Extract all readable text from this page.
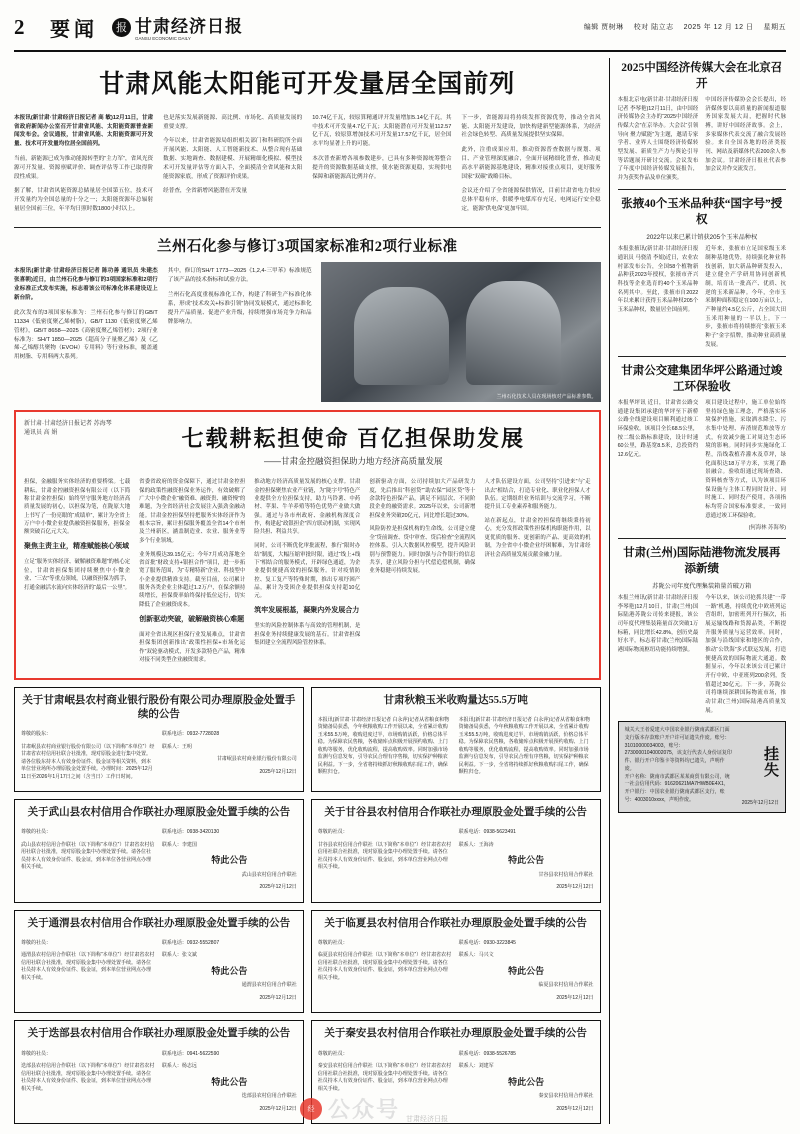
2	要闻	报 甘肃经济日报
GANSU ECONOMIC DAILY
编辑 贾树琳 校对 陆立志 2025 年 12 月 12 日 星期五
甘肃风能太阳能可开发量居全国前列

本报讯(新甘肃·甘肃经济日报记者 高 敏)12月11日，甘肃省政府新闻办公室召开甘肃省风能、太阳能资源普查新闻发布会。会议通报，甘肃省风能、太阳能资源可开发量、技术可开发量均位居全国前列。

当前，新能源已成为推动能源转型的“主力军”，省风光资源可开发量、资源禀赋评价、调查评估等工作已取得阶段性成果。

据了解，甘肃省风能资源总储量居全国第五位，技术可开发量约为全国总量的十分之一；太阳能资源年总辐射量居全国前三位，年平均日照时数1800小时以上。

也是落实发展新能源、高比例、市场化、高质量发展的重要支撑。

今年以来，甘肃省能源局组织相关部门和科研院所全面开展风能、太阳能、人工智能新技术、从整合现有基础数据、实地调查、数据建模、开展精细化模拟、模型技术可开发量评估等方面入手，全面摸清全省风能和太阳能资源家底，形成了资源评价成果。

经普查，全省新增风能潜在开发量

10.74亿千瓦，较原算精通评开发量增加5.14亿千瓦，其中技术可开发量4.7亿千瓦；太阳能潜在可开发量112.57亿千瓦，较原算增加技术可开发量17.57亿千瓦，居全国水平均显著上升的可能。

本次普查新增各项参数建步，已具有多种资源统筹整合提升的资源数据基础支撑，使水能资源更稳，实现供电保障和新能源高比例并存。

下一步，省能源局将持续发挥资源优势，推动全省风能、太阳能开发建设，加快构建新型能源体系，为经济社会绿色转型、高质量发展提供坚实保障。

此外，注重成果应用，推动资源普查数据与规划、项目、产业管理深度融合，全面开展精细化普查，推动更高水平新能源基地建设，精准对接重点项目，更好服务国家“双碳”战略目标。

会议还介绍了全省能源保供情况，目前甘肃省电力供应总体平稳有序，供暖季电煤库存充足，电网运行安全稳定，能源“供电保”更加牢固。

兰州石化参与修订3项国家标准和2项行业标准

本报讯(新甘肃·甘肃经济日报记者 陈功善 通讯员 朱建杰 张喜朝)近日，由兰州石化参与修订的3项国家标准和2项行业标准正式发布实施，标志着该公司标准化体系建设迈上新台阶。

此次发布的3项国家标准为：兰州石化参与修订的GB/T 11334《低密度聚乙烯树脂》，GB/T 1130《低密度聚乙烯管材》，GB/T 8658—2025《高密度聚乙烯管材》；2项行业标准为：SH/T 1850—2025《超高分子量聚乙烯》及《乙烯-乙烯醇共聚物（EVOH）专用料》等行业标准，覆盖通用树脂、专用料两大系列。

其中，修订的SH/T 1773—2025《1,2,4-三甲苯》标准规范了该产品的技术指标和试验方法。

兰州石化高度重视标准化工作，构建了科研生产标准化体系，形成“技术攻关+标准引领”协同发展模式，通过标准化提升产品质量、促进产业升级，持续增强市场竞争力和品牌影响力。

兰州石化技术人员在现场核对产品标准参数。
新甘肃·甘肃经济日报记者 苏海琴
通讯员 高 娟	七载耕耘担使命 百亿担保助发展
——甘肃金控融资担保助力地方经济高质量发展

担保，金融服务实体经济的重要桥梁。七载耕耘，甘肃金控融资担保有限公司（以下简称甘肃金控担保）始终坚守服务地方经济高质量发展的初心，以担保为笔，在陇原大地上书写了一份亮眼的“成绩单”，累计为全省上万户中小微企业提供融资担保服务，担保金额突破百亿元大关。

聚焦主责主业，精准赋能核心领域

立足“服务实体经济、破解融资难题”的核心定位，甘肃省担保集团持续聚焦中小微企业、“三农”等重点领域，以融资担保为抓手，打通金融活水流向实体经济的“最后一公里”。

省委省政府的资金保障下，通过甘肃金控担保的政策性融资担保业务运作，有效破解了广大中小微企业“融资难、融资贵、融资慢”的难题，为全省经济社会发展注入强劲金融动能。甘肃金控担保坚持把服务实体经济作为根本宗旨，累计担保服务覆盖全省14个市州及兰州新区，涵盖制造业、农业、服务业等多个行业领域。

业务规模达39.15亿元；今年7月成功落地全省首批“财政支持+银担合作”项目，进一步拓宽了服务范围，为“专精特新”企业、科技型中小企业提供精准支持。截至目前，公司累计服务各类企业主体超过1.2万户，在保余额持续增长，担保费率始终保持低位运行，切实降低了企业融资成本。

创新驱动突破，破解融资核心难题

面对全省出现区担保行业发展难点，甘肃省担保集团创新推出“政策性担保+市场化运作”双轮驱动模式，开发多款特色产品，精准对接不同类型企业融资需求。

推动地方经济高质量发展的核心支撑。甘肃金控担保聚焦农业产业链，为“陇字号”特色产业提供全方位担保支持，助力马铃薯、中药材、苹果、牛羊养殖等特色优势产业做大做强。通过与各市州政府、金融机构深度合作，构建起“政银担企”四方联动机制，实现风险共担、利益共享。

同时，公司不断优化审批流程，推行“限时办结”制度，大幅压缩审批时限，通过“线上+线下”相结合的服务模式，开辟绿色通道，为企业提供便捷高效的担保服务。针对疫情防控、复工复产等特殊时期，推出专项纾困产品，累计为受困企业提供担保支持超10亿元。

筑牢发展根基，凝聚内外发展合力

坚实的风险控制体系与高效的管理机制，是担保业务持续健康发展的基石。甘肃省担保集团建立全流程风险管控体系。

创新驱动方面，公司持续加大产品研发力度，先后推出“科创贷”“助农保”“园区贷”等十余款特色担保产品，满足不同层次、不同阶段企业的融资需求。2025年以来，公司新增担保业务突破20亿元，同比增长超过30%。

风险防控是担保机构的生命线。公司建立健全“贷前调查、贷中审查、贷后检查”全流程风控体系，引入大数据风控模型，提升风险识别与预警能力。同时加强与合作银行的信息共享，建立风险分担与代偿追偿机制，确保业务稳健可持续发展。

人才队伍建设方面，公司坚持“引进来”与“走出去”相结合，打造专业化、职业化担保人才队伍。定期组织业务培训与交流学习，不断提升员工专业素养和服务能力。

站在新起点，甘肃金控担保将继续秉持初心，充分发挥政策性担保机构职能作用，以更优质的服务、更创新的产品、更高效的机制，为全省中小微企业纾困解难，为甘肃经济社会高质量发展贡献金融力量。

关于甘肃岷县农村商业银行股份有限公司办理原股金处置手续的公告

尊敬的股东：

甘肃岷县农村商业银行股份有限公司（以下简称“本单位”）经甘肃省农村信用社联合社批准，现对原股金进行集中处置。请各位股东持本人有效身份证件、股金证等相关资料，到本单位营业场所办理原股金处置手续。办理时间：2025年12月11日至2026年1月17日之间（含当日）工作日时间。

联系电话：0932-7728028

联系人：王明

甘肃岷县农村商业银行股份有限公司

2025年12月12日

甘肃秋粮玉米收购量达55.5万吨

本报讯(新甘肃·甘肃经济日报记者 白永萍)记者从省粮食和物资储备局获悉，今年秋粮收购工作开展以来，全省累计收购玉米55.5万吨，收购进度过半，市场购销活跃，价格总体平稳。为保障农民售粮，各收储库点积极开展预约收购、上门收购等服务，优化收购流程，提高收购效率。同时加强市场监测与信息发布，引导农民合理有序售粮，切实保护种粮农民利益。下一步，全省将持续抓好秋粮收购扫尾工作，确保颗粒归仓。

本报讯(新甘肃·甘肃经济日报记者 白永萍)记者从省粮食和物资储备局获悉，今年秋粮收购工作开展以来，全省累计收购玉米55.5万吨，收购进度过半，市场购销活跃，价格总体平稳。为保障农民售粮，各收储库点积极开展预约收购、上门收购等服务，优化收购流程，提高收购效率。同时加强市场监测与信息发布，引导农民合理有序售粮，切实保护种粮农民利益。下一步，全省将持续抓好秋粮收购扫尾工作，确保颗粒归仓。

关于武山县农村信用合作联社办理原股金处置手续的公告

尊敬的社员：

武山县农村信用合作联社（以下简称“本单位”）甘肃省农村信用社联合社批准，现对原股金集中办理处置手续。请各位社员持本人有效身份证件、股金证，到本单位各营业网点办理相关手续。

联系电话：0938-3420130

联系人：李建国

特此公告

武山县农村信用合作联社

2025年12月12日

关于甘谷县农村信用合作联社办理原股金处置手续的公告

尊敬的社员：

甘谷县农村信用合作联社（以下简称“本单位”）经甘肃省农村信用社联合社批准，现对原股金集中办理处置手续。请各位社员持本人有效身份证件、股金证，到本单位营业网点办理相关手续。

联系电话：0938-5623491

联系人：王海涛

特此公告

甘谷县农村信用合作联社

2025年12月12日

关于通渭县农村信用合作联社办理原股金处置手续的公告

尊敬的社员：

通渭县农村信用合作联社（以下简称“本单位”）经甘肃省农村信用社联合社批准，现对原股金集中办理处置手续。请各位社员持本人有效身份证件、股金证，到本单位营业网点办理相关手续。

联系电话：0932-5552807

联系人：张文斌

特此公告

通渭县农村信用合作联社

2025年12月12日

关于临夏县农村信用合作联社办理原股金处置手续的公告

尊敬的社员：

临夏县农村信用合作联社（以下简称“本单位”）经甘肃省农村信用社联合社批准，现对原股金集中办理处置手续。请各位社员持本人有效身份证件、股金证，到本单位营业网点办理相关手续。

联系电话：0930-3223845

联系人：马兴文

特此公告

临夏县农村信用合作联社

2025年12月12日

关于迭部县农村信用合作联社办理原股金处置手续的公告

尊敬的社员：

迭部县农村信用合作联社（以下简称“本单位”）经甘肃省农村信用社联合社批准，现对原股金集中办理处置手续。请各位社员持本人有效身份证件、股金证，到本单位营业网点办理相关手续。

联系电话：0941-5622590

联系人：杨志远

特此公告

迭部县农村信用合作联社

2025年12月12日

关于秦安县农村信用合作联社办理原股金处置手续的公告

尊敬的社员：

秦安县农村信用合作联社（以下简称“本单位”）经甘肃省农村信用社联合社批准，现对原股金集中办理处置手续。请各位社员持本人有效身份证件、股金证，到本单位营业网点办理相关手续。

联系电话：0938-5526785

联系人：刘建军

特此公告

秦安县农村信用合作联社

2025年12月12日

2025中国经济传媒大会在北京召开
本报北京电(新甘肃·甘肃经济日报记者 李琴艳)12月11日，由中国经济传媒协会主办的“2025中国经济传媒大会”在京举办。大会以“引领导向 聚力赋能”为主题，邀请专家学者、业界人士围绕经济传媒转型发展、新质生产力与舆论引导等话题展开研讨交流。会议发布了年度中国经济传媒发展报告，并为获奖作品及单位颁奖。
中国经济传媒协会会长提出，经济媒体要以高质量的新闻报道服务国家发展大局，把握时代脉搏，讲好中国经济故事。会上，多家媒体代表交流了融合发展经验。来自全国各地的经济类报刊、网站及新媒体代表200余人参加会议。甘肃经济日报社代表参加会议并作交流发言。
张掖40个玉米品种获“国字号”授权
2022年以来已累计销获205个玉米品种权
本报张掖讯(新甘肃·甘肃经济日报通讯员 马骁清 李娟)近日，农业农村部发布公告，全国58个植物新品种获2023年授权，张掖市齐兴科技等企业选育的40个玉米品种名列其中。至此，张掖市自2022年以来累计获得玉米品种权205个玉米品种权，数量居全国前列。
近年来，张掖市立足国家级玉米制种基地优势，持续强化种业科技创新，加大新品种研发投入，建立健全产学研用协同创新机制，培育出一批高产、优质、抗逆的玉米新品种。今年，全市玉米制种面积稳定在100万亩以上，产种量约4.5亿公斤，占全国大田玉米用种量的一半以上。下一步，张掖市将持续擦亮“张掖玉米种子”金字招牌，推动种业高质量发展。
甘肃公交建集团华坪公路通过竣工环保验收
本报华坪讯 近日，甘肃省公路交通建设集团承建的华坪至下新桥公路全线建设项目顺利通过竣工环保验收。该项目全长68.5公里，按二级公路标准建设，设计时速60公里，路基宽8.5米，总投资约12.6亿元。
项目建设过程中，施工单位始终坚持绿色施工理念，严格落实环境保护措施，采取洒水降尘、污水集中处理、弃渣规范堆放等方式，有效减少施工对周边生态环境的影响。同时同步实施绿化工程，沿线栽植乔灌木及草坪，绿化面积达18万平方米，实现了路景融合。验收组通过现场查勘、资料核查等方式，认为该项目环保设施与主体工程同时设计、同时施工、同时投产使用，各项指标均符合国家标准要求，一致同意通过竣工环保验收。
(何海林 苏海琴)
甘肃(兰州)国际陆港物流发展再添新绩
苏陇公司年度代理集装箱量首破万箱
本报兰州讯(新甘肃·甘肃经济日报 李琴艳)12月10日，甘肃(兰州)国际陆港苏陇公司传来捷报，该公司年度代理集装箱量首次突破1万标箱，同比增长42.8%，创历史最好水平，标志着甘肃(兰州)国际陆港国际物流枢纽功能持续增强。
今年以来，该公司抢抓共建“一带一路”机遇，持续优化中欧班列运营组织，加密班列开行频次，拓展运输线路和货源品类，不断提升服务质量与运营效率。同时，加强与沿线国家和地区的合作，推动“公铁海”多式联运发展，打造便捷高效的国际物流大通道。数据显示，今年以来该公司已累计开行中欧、中亚班列200余列，货值超过30亿元。下一步，苏陇公司将继续深耕国际物流市场，推动甘肃(兰州)国际陆港高质量发展。
城关大王者爱建大中国农业银行陇南武都区门面支行版本存款账户开户许可证遗失作废。账号：31010000034003，账号：27300001040002075，该支行代表人身份证复印件、银行开户印鉴卡等资料均已遗失，声明作废。
开户名称：陇南市武都区某某商贸有限公司，统一社会信用代码：91620621MA7HWB0E4X1，开户银行：中国农业银行陇南武都区支行，账号：4003010xxxx，声明作废。
挂
失
2025年12月12日
经 公众号 甘肃经济日报
